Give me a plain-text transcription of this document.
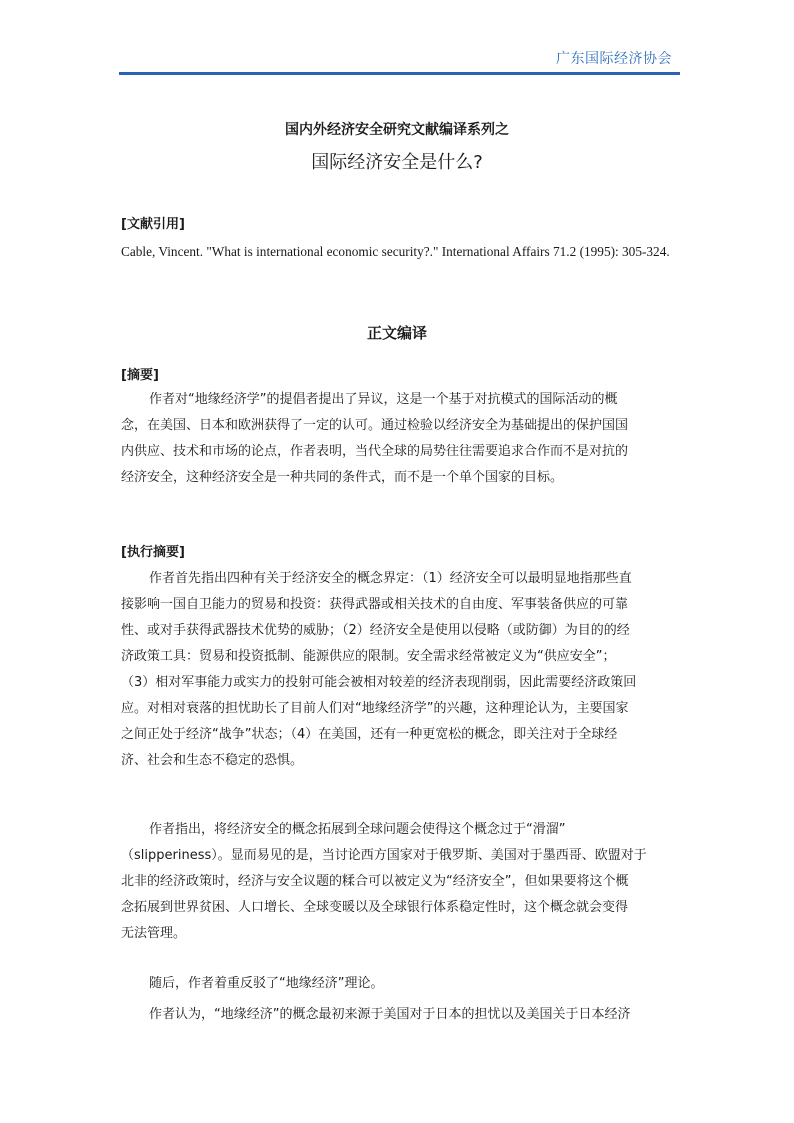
广东国际经济协会
国内外经济安全研究文献编译系列之
国际经济安全是什么?
[文献引用]
Cable, Vincent. "What is international economic security?." International Affairs 71.2 (1995): 305-324.
正文编译
[摘要]
作者对“地缘经济学”的提倡者提出了异议，这是一个基于对抗模式的国际活动的概
念，在美国、日本和欧洲获得了一定的认可。通过检验以经济安全为基础提出的保护国国
内供应、技术和市场的论点，作者表明，当代全球的局势往往需要追求合作而不是对抗的
经济安全，这种经济安全是一种共同的条件式，而不是一个单个国家的目标。
[执行摘要]
作者首先指出四种有关于经济安全的概念界定：（1）经济安全可以最明显地指那些直
接影响一国自卫能力的贸易和投资：获得武器或相关技术的自由度、军事装备供应的可靠
性、或对手获得武器技术优势的威胁；（2）经济安全是使用以侵略（或防御）为目的的经
济政策工具：贸易和投资抵制、能源供应的限制。安全需求经常被定义为“供应安全”；
（3）相对军事能力或实力的投射可能会被相对较差的经济表现削弱，因此需要经济政策回
应。对相对衰落的担忧助长了目前人们对“地缘经济学”的兴趣，这种理论认为，主要国家
之间正处于经济“战争”状态；（4）在美国，还有一种更宽松的概念，即关注对于全球经
济、社会和生态不稳定的恐惧。
作者指出，将经济安全的概念拓展到全球问题会使得这个概念过于“滑溜”
（slipperiness）。显而易见的是，当讨论西方国家对于俄罗斯、美国对于墨西哥、欧盟对于
北非的经济政策时，经济与安全议题的糅合可以被定义为“经济安全”，但如果要将这个概
念拓展到世界贫困、人口增长、全球变暖以及全球银行体系稳定性时，这个概念就会变得
无法管理。
随后，作者着重反驳了“地缘经济”理论。
作者认为，“地缘经济”的概念最初来源于美国对于日本的担忧以及美国关于日本经济
